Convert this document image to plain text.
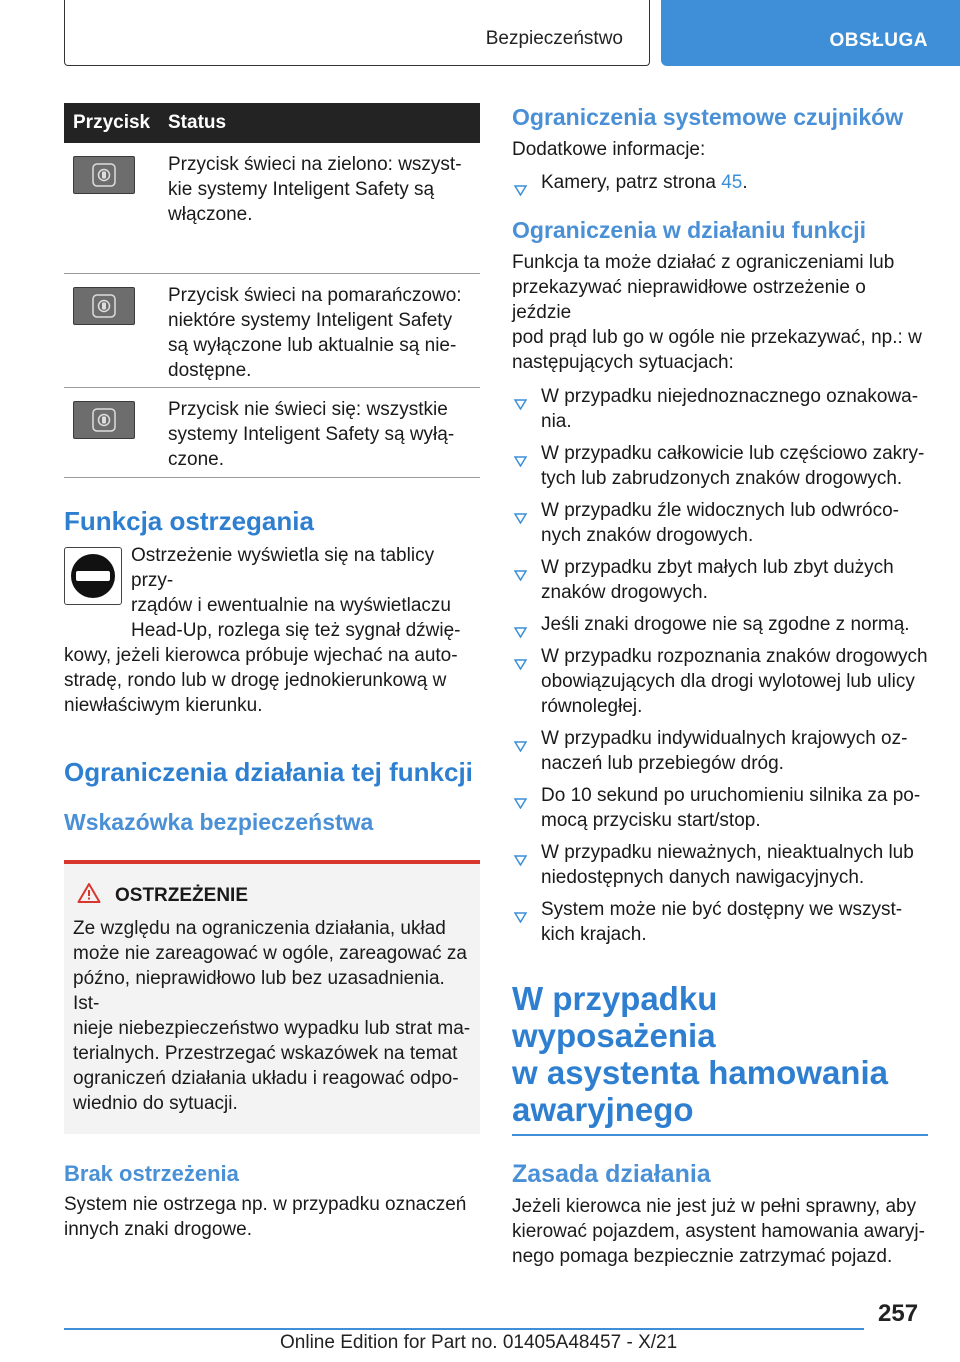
Bezpieczeństwo	OBSŁUGA
Przycisk Status
Przycisk świeci na zielono: wszyst-
kie systemy Inteligent Safety są
włączone.
Przycisk świeci na pomarańczowo:
niektóre systemy Inteligent Safety
są wyłączone lub aktualnie są nie-
dostępne.
Przycisk nie świeci się: wszystkie
systemy Inteligent Safety są wyłą-
czone.
Funkcja ostrzegania
Ostrzeżenie wyświetla się na tablicy przy-
rządów i ewentualnie na wyświetlaczu
Head-Up, rozlega się też sygnał dźwię-
kowy, jeżeli kierowca próbuje wjechać na auto-
stradę, rondo lub w drogę jednokierunkową w
niewłaściwym kierunku.
Ograniczenia działania tej funkcji
Wskazówka bezpieczeństwa
OSTRZEŻENIE
Ze względu na ograniczenia działania, układ
może nie zareagować w ogóle, zareagować za
późno, nieprawidłowo lub bez uzasadnienia. Ist-
nieje niebezpieczeństwo wypadku lub strat ma-
terialnych. Przestrzegać wskazówek na temat
ograniczeń działania układu i reagować odpo-
wiednio do sytuacji.
Brak ostrzeżenia
System nie ostrzega np. w przypadku oznaczeń
innych znaki drogowe.
Ograniczenia systemowe czujników
Dodatkowe informacje:
Kamery, patrz strona 45.
Ograniczenia w działaniu funkcji
Funkcja ta może działać z ograniczeniami lub
przekazywać nieprawidłowe ostrzeżenie o jeździe
pod prąd lub go w ogóle nie przekazywać, np.: w
następujących sytuacjach:
W przypadku niejednoznacznego oznakowa-
nia.
W przypadku całkowicie lub częściowo zakry-
tych lub zabrudzonych znaków drogowych.
W przypadku źle widocznych lub odwróco-
nych znaków drogowych.
W przypadku zbyt małych lub zbyt dużych
znaków drogowych.
Jeśli znaki drogowe nie są zgodne z normą.
W przypadku rozpoznania znaków drogowych
obowiązujących dla drogi wylotowej lub ulicy
równoległej.
W przypadku indywidualnych krajowych oz-
naczeń lub przebiegów dróg.
Do 10 sekund po uruchomieniu silnika za po-
mocą przycisku start/stop.
W przypadku nieważnych, nieaktualnych lub
niedostępnych danych nawigacyjnych.
System może nie być dostępny we wszyst-
kich krajach.
W przypadku wyposażenia
w asystenta hamowania
awaryjnego
Zasada działania
Jeżeli kierowca nie jest już w pełni sprawny, aby
kierować pojazdem, asystent hamowania awaryj-
nego pomaga bezpiecznie zatrzymać pojazd.
257
Online Edition for Part no. 01405A48457 - X/21
